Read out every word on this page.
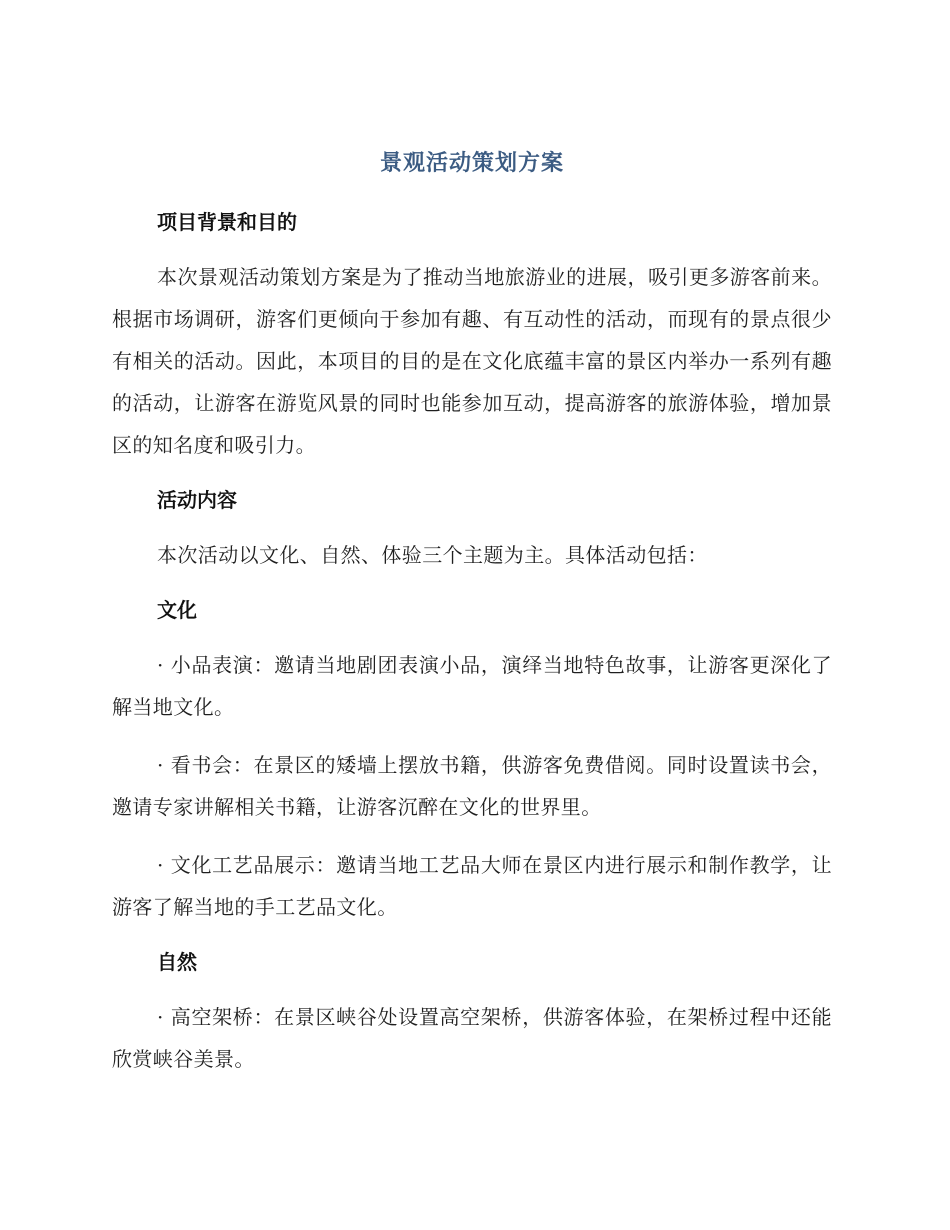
景观活动策划方案
项目背景和目的

本次景观活动策划方案是为了推动当地旅游业的进展，吸引更多游客前来。根据市场调研，游客们更倾向于参加有趣、有互动性的活动，而现有的景点很少有相关的活动。因此，本项目的目的是在文化底蕴丰富的景区内举办一系列有趣的活动，让游客在游览风景的同时也能参加互动，提高游客的旅游体验，增加景区的知名度和吸引力。

活动内容

本次活动以文化、自然、体验三个主题为主。具体活动包括：

文化

· 小品表演：邀请当地剧团表演小品，演绎当地特色故事，让游客更深化了解当地文化。

· 看书会：在景区的矮墙上摆放书籍，供游客免费借阅。同时设置读书会，邀请专家讲解相关书籍，让游客沉醉在文化的世界里。

· 文化工艺品展示：邀请当地工艺品大师在景区内进行展示和制作教学，让游客了解当地的手工艺品文化。

自然

· 高空架桥：在景区峡谷处设置高空架桥，供游客体验，在架桥过程中还能欣赏峡谷美景。
